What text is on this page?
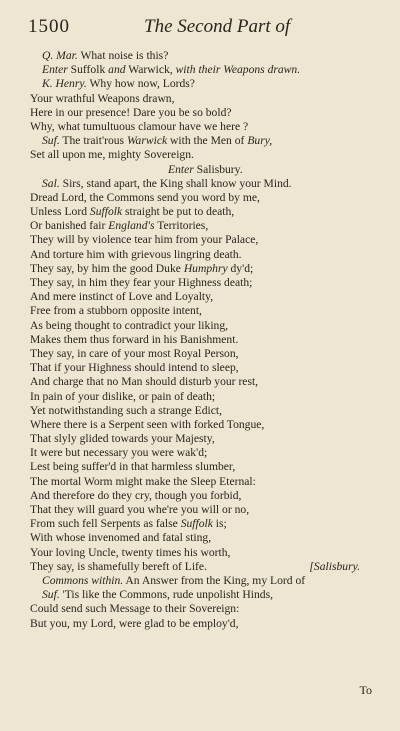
1500	The Second Part of
Q. Mar. What noise is this?
Enter Suffolk and Warwick, with their Weapons drawn.
K. Henry. Why how now, Lords?
Your wrathful Weapons drawn,
Here in our presence! Dare you be so bold?
Why, what tumultuous clamour have we here ?
Suf. The trait'rous Warwick with the Men of Bury,
Set all upon me, mighty Sovereign.
Enter Salisbury.
Sal. Sirs, stand apart, the King shall know your Mind.
Dread Lord, the Commons send you word by me,
Unless Lord Suffolk straight be put to death,
Or banished fair England's Territories,
They will by violence tear him from your Palace,
And torture him with grievous lingring death.
They say, by him the good Duke Humphry dy'd;
They say, in him they fear your Highness death;
And mere instinct of Love and Loyalty,
Free from a stubborn opposite intent,
As being thought to contradict your liking,
Makes them thus forward in his Banishment.
They say, in care of your most Royal Person,
That if your Highness should intend to sleep,
And charge that no Man should disturb your rest,
In pain of your dislike, or pain of death;
Yet notwithstanding such a strange Edict,
Where there is a Serpent seen with forked Tongue,
That slyly glided towards your Majesty,
It were but necessary you were wak'd;
Lest being suffer'd in that harmless slumber,
The mortal Worm might make the Sleep Eternal:
And therefore do they cry, though you forbid,
That they will guard you whe're you will or no,
From such fell Serpents as false Suffolk is;
With whose invenomed and fatal sting,
Your loving Uncle, twenty times his worth,
They say, is shamefully bereft of Life.	[Salisbury.
Commons within. An Answer from the King, my Lord of
Suf. 'Tis like the Commons, rude unpolisht Hinds,
Could send such Message to their Sovereign:
But you, my Lord, were glad to be employ'd,
To
